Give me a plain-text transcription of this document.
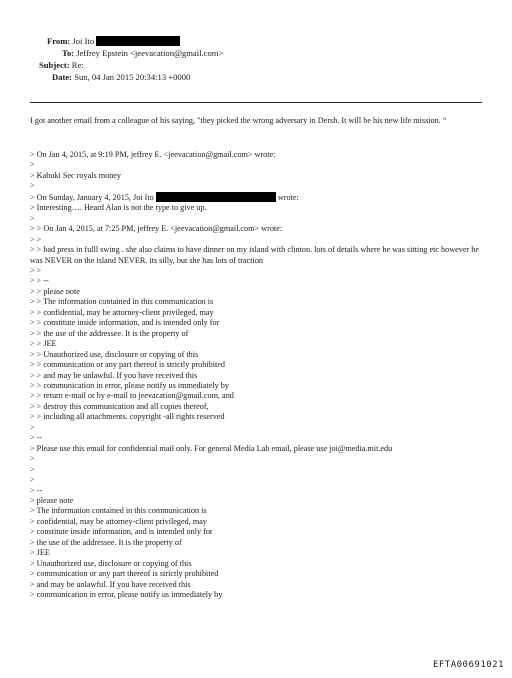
From: Joi Ito
To: Jeffrey Epstein <jeevacation@gmail.com>
Subject: Re:
Date: Sun, 04 Jan 2015 20:34:13 +0000
I got another email from a colleague of his saying, "they picked the wrong adversary in Dersh. It will be his new life mission. “
> On Jan 4, 2015, at 9:19 PM, jeffrey E. <jeevacation@gmail.com> wrote:
>
> Kabuki Sec royals money
>
> On Sunday, January 4, 2015, Joi Ito	wrote:
> Interesting…. Heard Alan is not the type to give up.
>
> > On Jan 4, 2015, at 7:25 PM, jeffrey E. <jeevacation@gmail.com> wrote:
> >
> > bad press in fulll swing . she also claims to have dinner on my island with clinton. lots of details where he was sitting etc however he was NEVER on the island NEVER. its silly, but she has lots of traction
> >
> > --
> > please note
> > The information contained in this communication is
> > confidential, may be attorney-client privileged, may
> > constitute inside information, and is intended only for
> > the use of the addressee. It is the property of
> > JEE
> > Unauthorized use, disclosure or copying of this
> > communication or any part thereof is strictly prohibited
> > and may be unlawful. If you have received this
> > communication in error, please notify us immediately by
> > return e-mail or by e-mail to jeevacation@gmail.com, and
> > destroy this communication and all copies thereof,
> > including all attachments. copyright -all rights reserved
>
> --
> Please use this email for confidential mail only. For general Media Lab email, please use joi@media.mit.edu
>
>
>
> --
> please note
> The information contained in this communication is
> confidential, may be attorney-client privileged, may
> constitute inside information, and is intended only for
> the use of the addressee. It is the property of
> JEE
> Unauthorized use, disclosure or copying of this
> communication or any part thereof is strictly prohibited
> and may be unlawful. If you have received this
> communication in error, please notify us immediately by
EFTA00691021
